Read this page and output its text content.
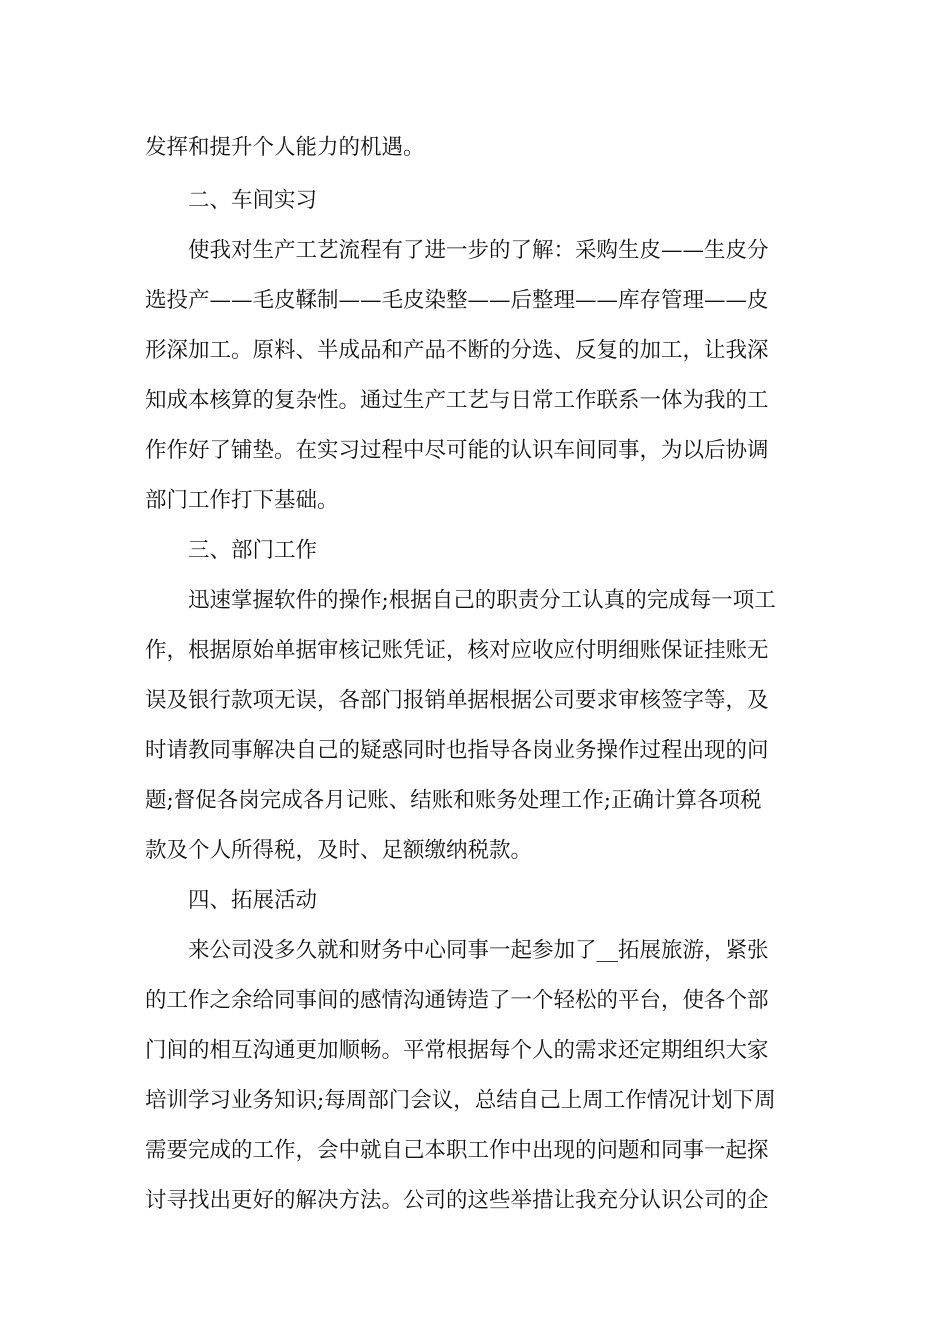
发挥和提升个人能力的机遇。
二、车间实习
使我对生产工艺流程有了进一步的了解：采购生皮——生皮分
选投产——毛皮鞣制——毛皮染整——后整理——库存管理——皮
形深加工。原料、半成品和产品不断的分选、反复的加工，让我深
知成本核算的复杂性。通过生产工艺与日常工作联系一体为我的工
作作好了铺垫。在实习过程中尽可能的认识车间同事，为以后协调
部门工作打下基础。
三、部门工作
迅速掌握软件的操作;根据自己的职责分工认真的完成每一项工
作，根据原始单据审核记账凭证，核对应收应付明细账保证挂账无
误及银行款项无误，各部门报销单据根据公司要求审核签字等，及
时请教同事解决自己的疑惑同时也指导各岗业务操作过程出现的问
题;督促各岗完成各月记账、结账和账务处理工作;正确计算各项税
款及个人所得税，及时、足额缴纳税款。
四、拓展活动
来公司没多久就和财务中心同事一起参加了__拓展旅游，紧张
的工作之余给同事间的感情沟通铸造了一个轻松的平台，使各个部
门间的相互沟通更加顺畅。平常根据每个人的需求还定期组织大家
培训学习业务知识;每周部门会议，总结自己上周工作情况计划下周
需要完成的工作，会中就自己本职工作中出现的问题和同事一起探
讨寻找出更好的解决方法。公司的这些举措让我充分认识公司的企
